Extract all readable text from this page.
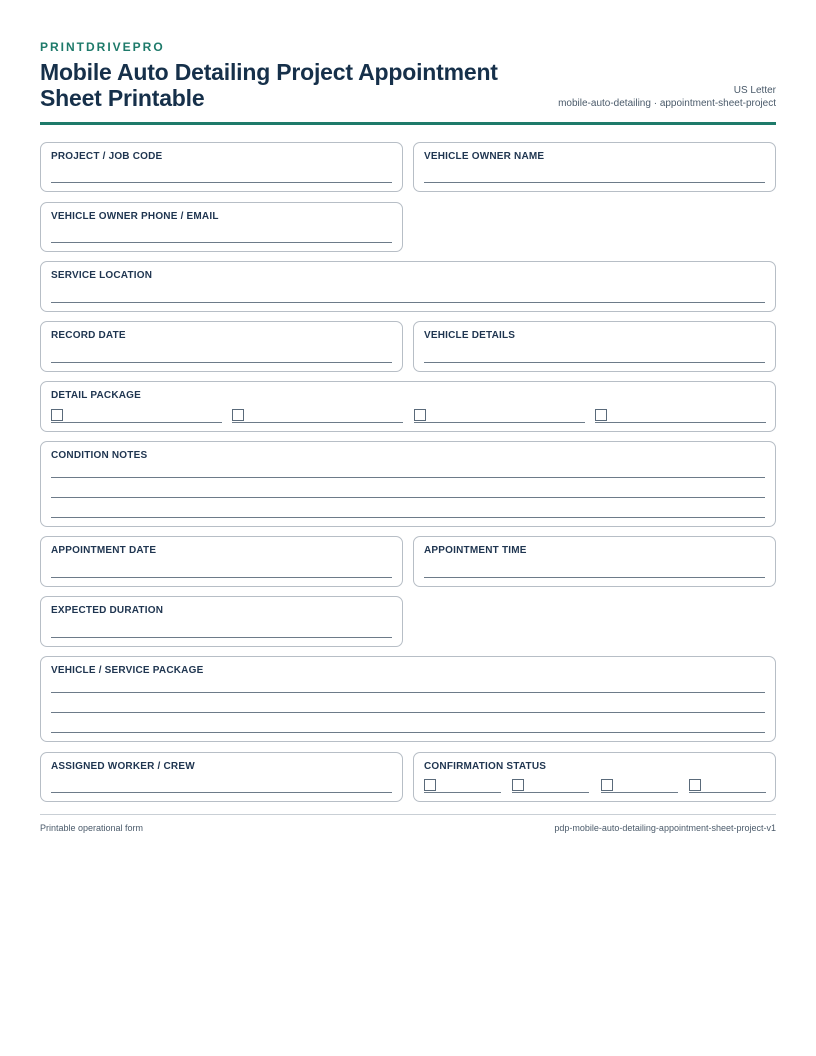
PRINTDRIVEPRO
Mobile Auto Detailing Project Appointment Sheet Printable	US Letter
mobile-auto-detailing · appointment-sheet-project
PROJECT / JOB CODE	VEHICLE OWNER NAME
VEHICLE OWNER PHONE / EMAIL
SERVICE LOCATION
RECORD DATE	VEHICLE DETAILS
DETAIL PACKAGE
CONDITION NOTES
APPOINTMENT DATE	APPOINTMENT TIME
EXPECTED DURATION
VEHICLE / SERVICE PACKAGE
ASSIGNED WORKER / CREW	CONFIRMATION STATUS
Printable operational form	pdp-mobile-auto-detailing-appointment-sheet-project-v1
